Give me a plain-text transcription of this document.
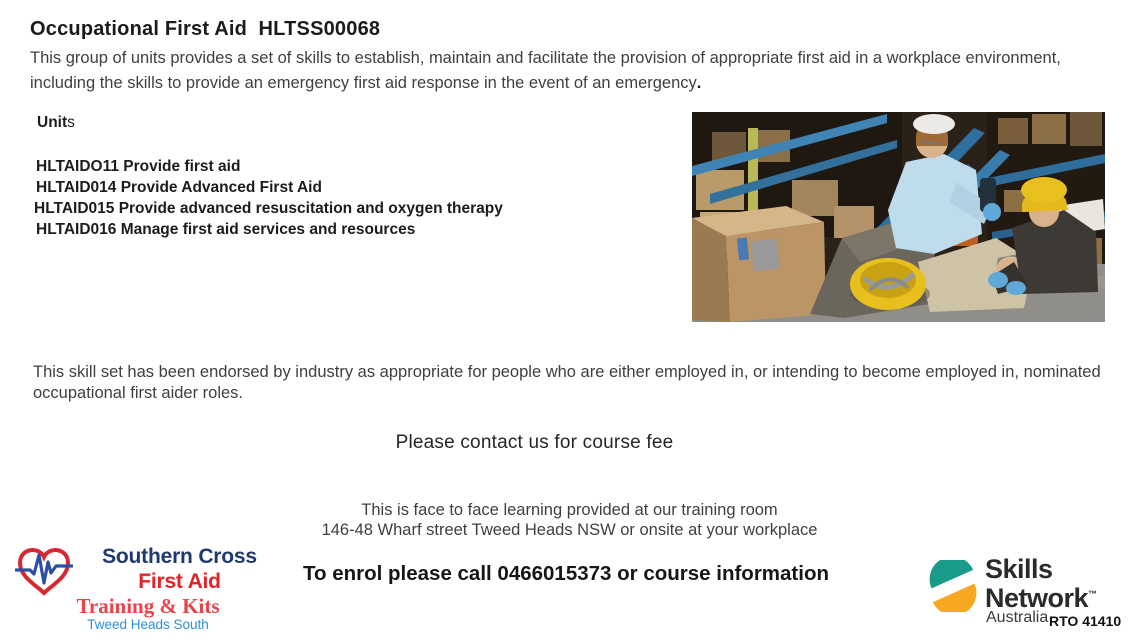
Occupational First Aid  HLTSS00068
This group of units provides a set of skills to establish, maintain and facilitate the provision of appropriate first aid in a workplace environment, including the skills to provide an emergency first aid response in the event of an emergency.
Units
HLTAIDO11 Provide first aid
HLTAID014 Provide Advanced First Aid
HLTAID015 Provide advanced resuscitation and oxygen therapy
HLTAID016 Manage first aid services and resources
This skill set has been endorsed by industry as appropriate for people who are either employed in, or intending to become employed in, nominated occupational first aider roles.
Please contact us for course fee
This is face to face learning provided at our training room
146-48 Wharf street Tweed Heads NSW or onsite at your workplace
To enrol please call 0466015373 or course information
Southern Cross
First Aid
Training & Kits
Tweed Heads South
Skills
Network™
Australia RTO 41410
